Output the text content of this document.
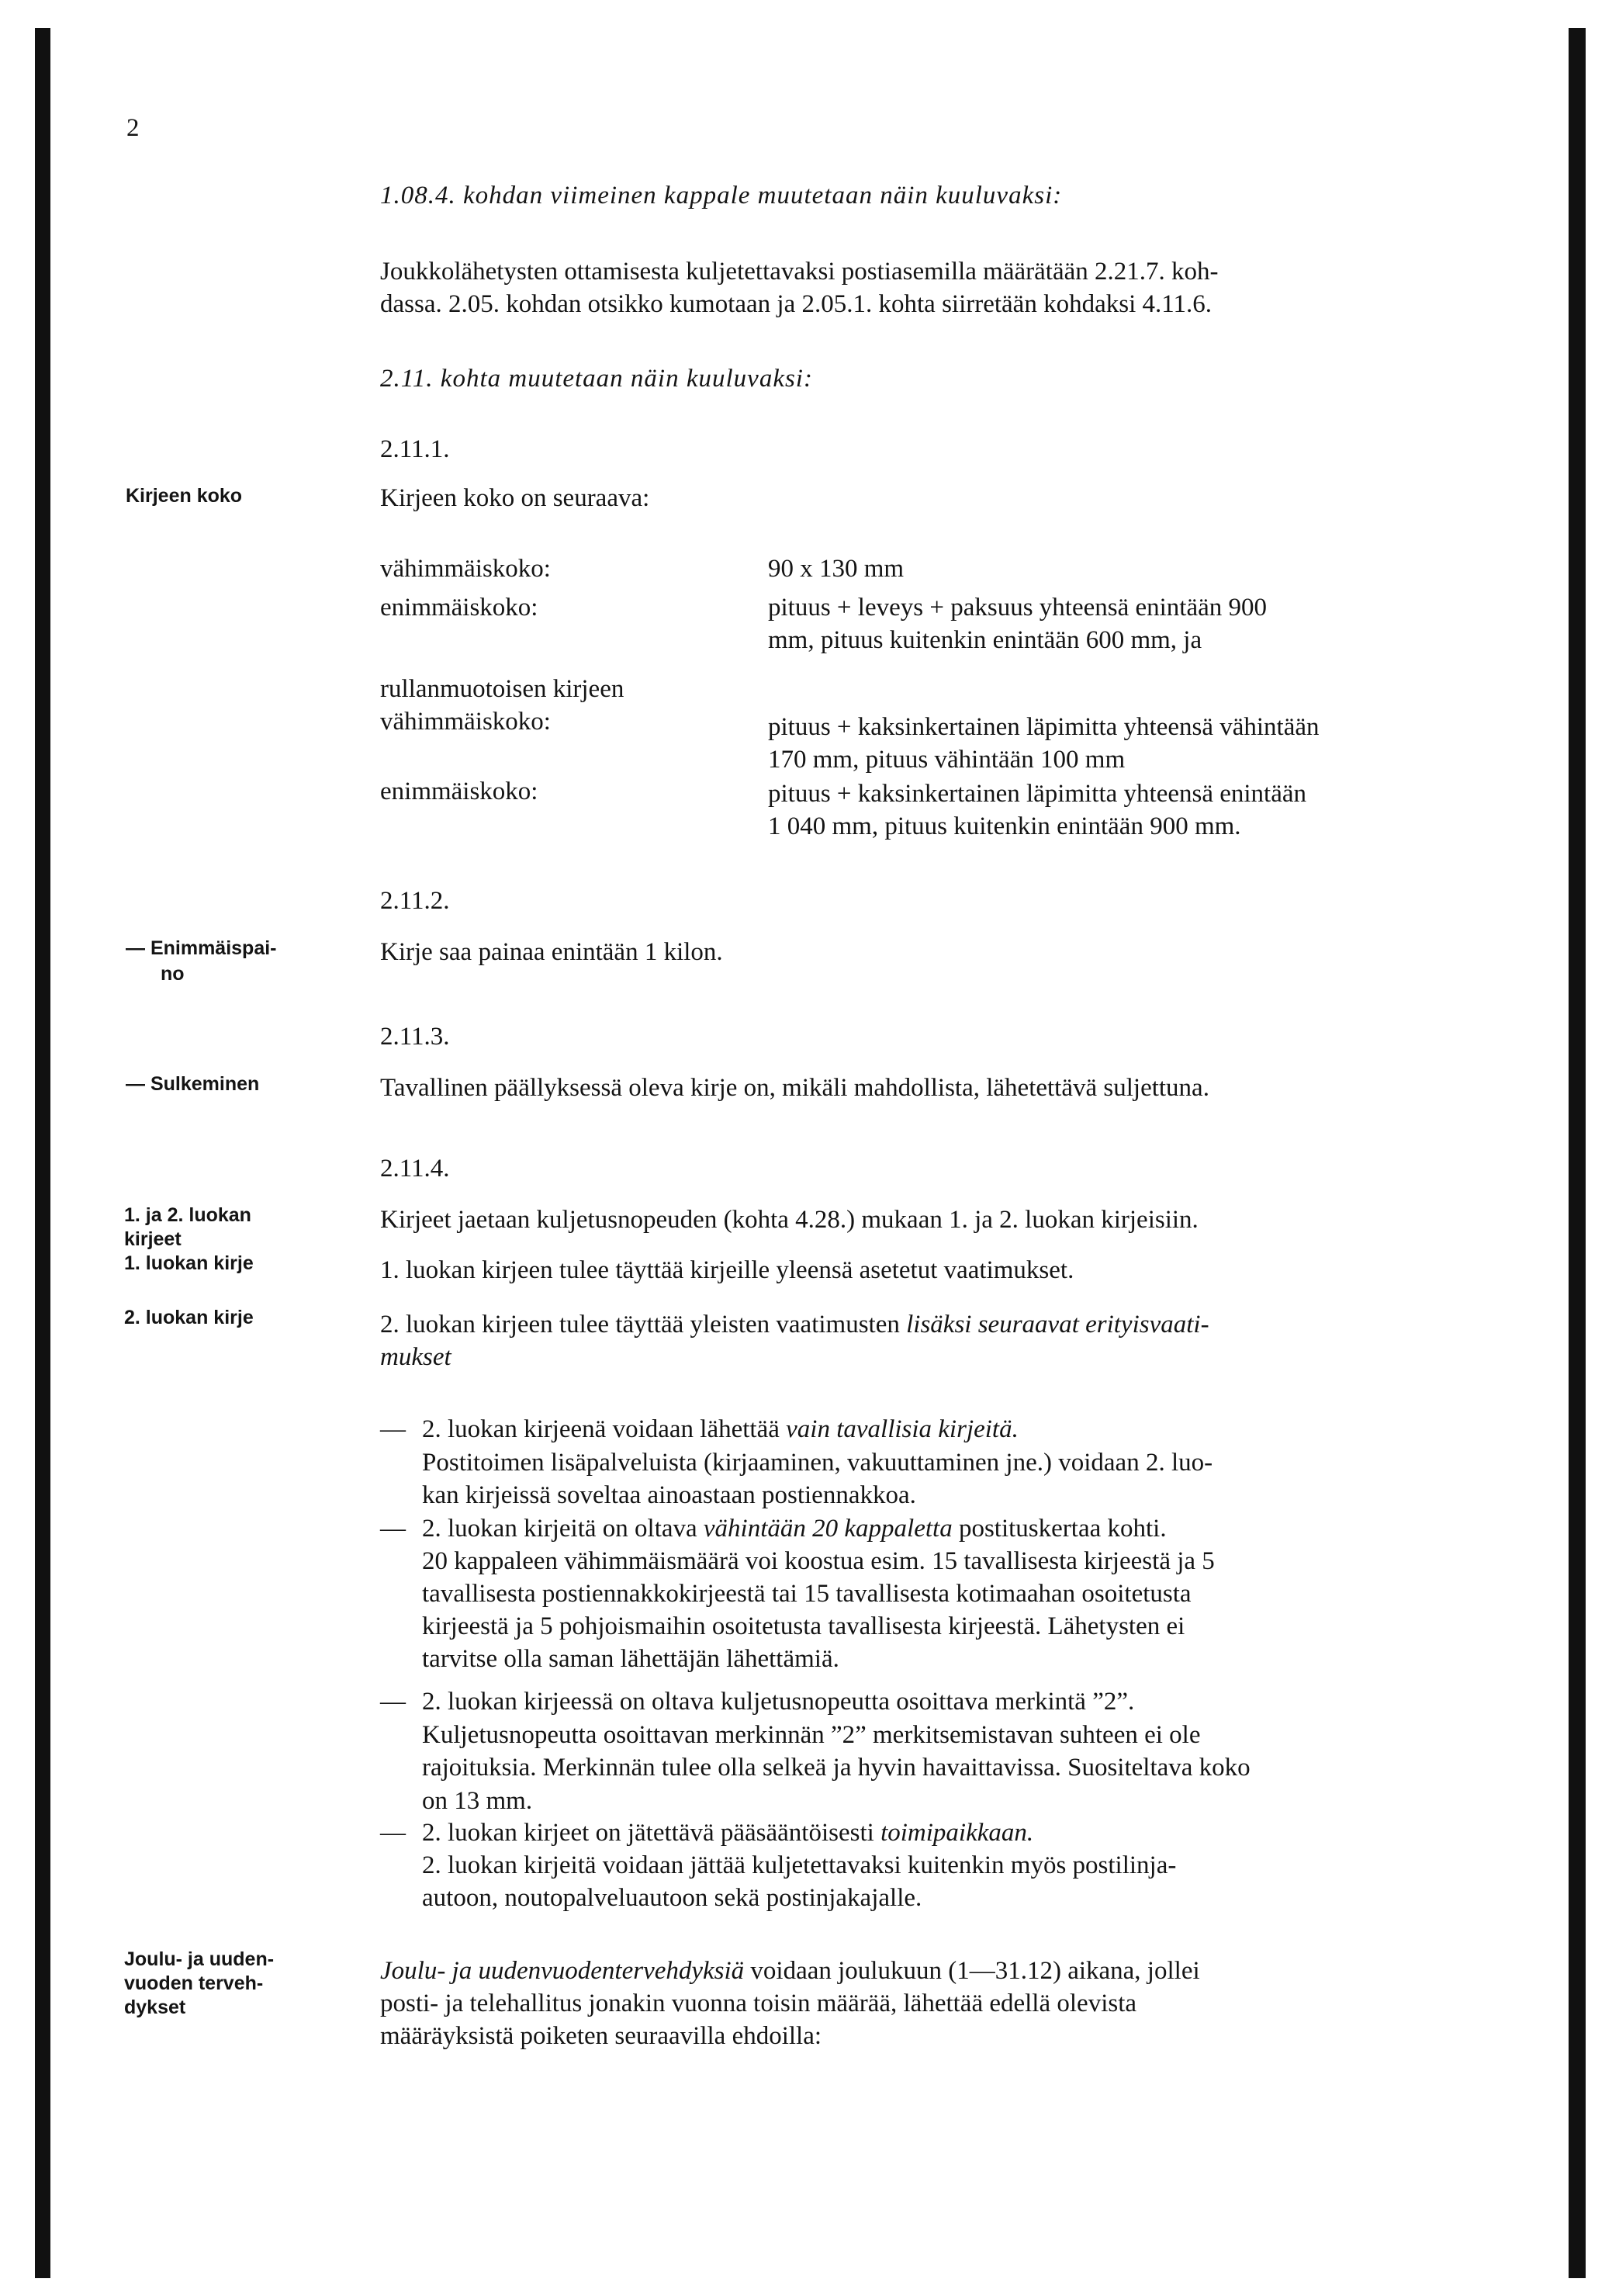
2
1.08.4. kohdan viimeinen kappale muutetaan näin kuuluvaksi:
Joukkolähetysten ottamisesta kuljetettavaksi postiasemilla määrätään 2.21.7. koh-
dassa. 2.05. kohdan otsikko kumotaan ja 2.05.1. kohta siirretään kohdaksi 4.11.6.
2.11. kohta muutetaan näin kuuluvaksi:
2.11.1.
Kirjeen koko	Kirjeen koko on seuraava:
vähimmäiskoko:	90 x 130 mm
enimmäiskoko:	pituus + leveys + paksuus yhteensä enintään 900
mm, pituus kuitenkin enintään 600 mm, ja
rullanmuotoisen kirjeen
vähimmäiskoko:	pituus + kaksinkertainen läpimitta yhteensä vähintään
170 mm, pituus vähintään 100 mm
enimmäiskoko:	pituus + kaksinkertainen läpimitta yhteensä enintään
1 040 mm, pituus kuitenkin enintään 900 mm.
2.11.2.
— Enimmäispai-
no
Kirje saa painaa enintään 1 kilon.
2.11.3.
— Sulkeminen	Tavallinen päällyksessä oleva kirje on, mikäli mahdollista, lähetettävä suljettuna.
2.11.4.
1. ja 2. luokan
kirjeet
1. luokan kirje
2. luokan kirje
Kirjeet jaetaan kuljetusnopeuden (kohta 4.28.) mukaan 1. ja 2. luokan kirjeisiin.
1. luokan kirjeen tulee täyttää kirjeille yleensä asetetut vaatimukset.
2. luokan kirjeen tulee täyttää yleisten vaatimusten lisäksi seuraavat erityisvaati-
mukset
— 2. luokan kirjeenä voidaan lähettää vain tavallisia kirjeitä.
Postitoimen lisäpalveluista (kirjaaminen, vakuuttaminen jne.) voidaan 2. luo-
kan kirjeissä soveltaa ainoastaan postiennakkoa.
— 2. luokan kirjeitä on oltava vähintään 20 kappaletta postituskertaa kohti.
20 kappaleen vähimmäismäärä voi koostua esim. 15 tavallisesta kirjeestä ja 5
tavallisesta postiennakkokirjeestä tai 15 tavallisesta kotimaahan osoitetusta
kirjeestä ja 5 pohjoismaihin osoitetusta tavallisesta kirjeestä. Lähetysten ei
tarvitse olla saman lähettäjän lähettämiä.
— 2. luokan kirjeessä on oltava kuljetusnopeutta osoittava merkintä ”2”.
Kuljetusnopeutta osoittavan merkinnän ”2” merkitsemistavan suhteen ei ole
rajoituksia. Merkinnän tulee olla selkeä ja hyvin havaittavissa. Suositeltava koko
on 13 mm.
— 2. luokan kirjeet on jätettävä pääsääntöisesti toimipaikkaan.
2. luokan kirjeitä voidaan jättää kuljetettavaksi kuitenkin myös postilinja-
autoon, noutopalveluautoon sekä postinjakajalle.
Joulu- ja uuden-
vuoden terveh-
dykset
Joulu- ja uudenvuodentervehdyksiä voidaan joulukuun (1—31.12) aikana, jollei
posti- ja telehallitus jonakin vuonna toisin määrää, lähettää edellä olevista
määräyksistä poiketen seuraavilla ehdoilla:
